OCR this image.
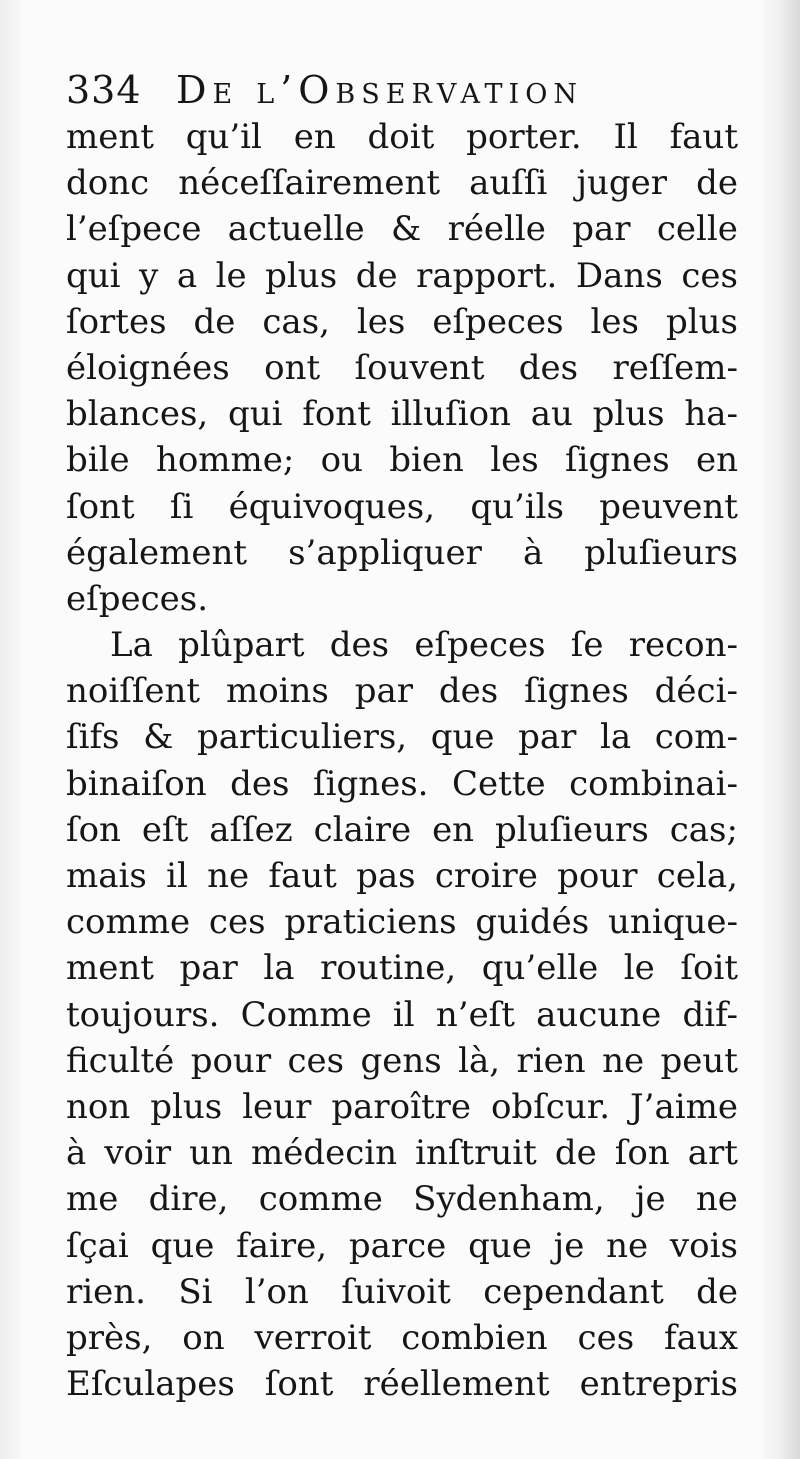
334 De l’Observation
ment qu’il en doit porter. Il faut
donc néceſſairement auſſi juger de
l’eſpece actuelle & réelle par celle
qui y a le plus de rapport. Dans ces
ſortes de cas, les eſpeces les plus
éloignées ont ſouvent des reſſem-
blances, qui font illuſion au plus ha-
bile homme; ou bien les ſignes en
ſont ſi équivoques, qu’ils peuvent
également s’appliquer à pluſieurs
eſpeces.
La plûpart des eſpeces ſe recon-
noiſſent moins par des ſignes déci-
ſifs & particuliers, que par la com-
binaiſon des ſignes. Cette combinai-
ſon eſt aſſez claire en pluſieurs cas;
mais il ne faut pas croire pour cela,
comme ces praticiens guidés unique-
ment par la routine, qu’elle le ſoit
toujours. Comme il n’eſt aucune dif-
ficulté pour ces gens là, rien ne peut
non plus leur paroître obſcur. J’aime
à voir un médecin inſtruit de ſon art
me dire, comme Sydenham, je ne
ſçai que faire, parce que je ne vois
rien. Si l’on ſuivoit cependant de
près, on verroit combien ces faux
Eſculapes ſont réellement entrepris
